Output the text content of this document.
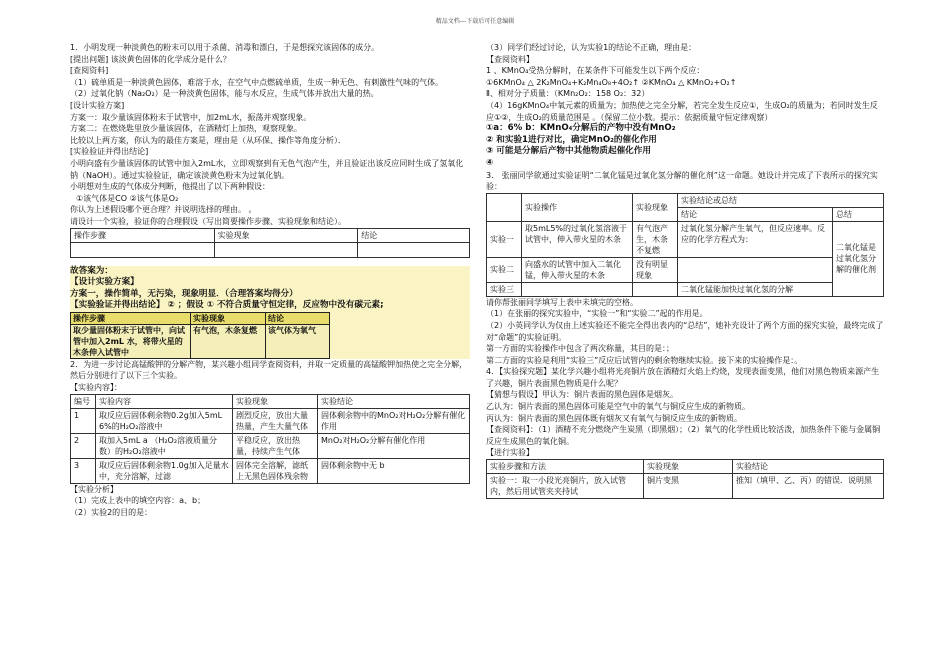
精品文档---下载后可任意编辑

1．小明发现一种淡黄色的粉末可以用于杀菌、消毒和漂白，于是想探究该固体的成分。

[提出问题] 该淡黄色固体的化学成分是什么？

[查阅资料]

（1）硫单质是一种淡黄色固体，难溶于水，在空气中点燃硫单质，生成一种无色、有刺激性气味的气体。

（2）过氧化钠（Na₂O₂）是一种淡黄色固体，能与水反应，生成气体并放出大量的热。

[设计实验方案]

方案一：取少量该固体粉末于试管中，加2mL水，振荡并观察现象。

方案二：在燃烧匙里放少量该固体，在酒精灯上加热，观察现象。

比较以上两方案，你认为的最佳方案是，理由是（从环保、操作等角度分析）．

[实验验证并得出结论]

小明向盛有少量该固体的试管中加入2mL水，立即观察到有无色气泡产生，并且验证出该反应同时生成了氢氧化钠（NaOH）。通过实验验证，确定该淡黄色粉末为过氧化钠。

小明想对生成的气体成分判断，他提出了以下两种假设：

①该气体是CO ②该气体是O₂

你认为上述假设哪个更合理？并说明选择的理由。 。

请设计一个实验，验证你的合理假设（写出简要操作步骤、实验现象和结论）。

操作步骤	实验现象	结论

故答案为：

【设计实验方案】

方案一，操作简单，无污染，现象明显．（合理答案均得分）

【实验验证并得出结论】 ② ；假设 ① 不符合质量守恒定律，反应物中没有碳元素;

操作步骤	实验现象	结论
取少量固体粉末于试管中，向试管中加入2mL 水，将带火星的木条伸入试管中	有气泡，木条复燃	该气体为氧气

2．为进一步讨论高锰酸钾的分解产物，某兴趣小组同学查阅资料，并取一定质量的高锰酸钾加热使之完全分解，然后分别进行了以下三个实验。

【实验内容】：

编号	实验内容	实验现象	实验结论
1	取反应后固体剩余物0.2g加入5mL 6%的H₂O₂溶液中	剧烈反应，放出大量热量，产生大量气体	固体剩余物中的MnO₂对H₂O₂分解有催化作用
2	取加入5mL a （H₂O₂溶液质量分数）的H₂O₂溶液中	平稳反应，放出热量，持续产生气体	MnO₂对H₂O₂分解有催化作用
3	取反应后固体剩余物1.0g加入足量水中，充分溶解，过滤	固体完全溶解，滤纸上无黑色固体残余物	固体剩余物中无 b

【实验分析】

（1）完成上表中的填空内容：a、b；

（2）实验2的目的是：

（3）同学们经过讨论，认为实验1的结论不正确，理由是：

【查阅资料】

1 、KMnO₄受热分解时，在某条件下可能发生以下两个反应：

①6KMnO₄ △ 2K₂MnO₄+K₂Mn₄O₈+4O₂↑ ②KMnO₄ △ KMnO₂+O₂↑

Ⅱ、相对分子质量：（KMn₂O₂：158 O₂：32）

（4）16gKMnO₄中氧元素的质量为；加热使之完全分解，若完全发生反应①，生成O₂的质量为；若同时发生反应①②，生成O₂的质量范围是 。（保留二位小数。提示：依据质量守恒定律观察）

①a：6% b：KMnO₄分解后的产物中没有MnO₂

② 和实验1进行对比，确定MnO₂的催化作用

③ 可能是分解后产物中其他物质起催化作用

④

3． 张丽同学欲通过实验证明“二氧化锰是过氧化氢分解的催化剂”这一命题。她设计并完成了下表所示的探究实验：

	实验操作	实验现象	实验结论或总结	
			结论	总结
实验一	取5mL5%的过氧化氢溶液于试管中，伸入带火星的木条	有气泡产生，木条不复燃	过氧化氢分解产生氧气，但反应速率。反应的化学方程式为：	二氧化锰是过氧化氢分解的催化剂
实验二	向盛水的试管中加入二氧化锰，伸入带火星的木条	没有明显现象		
实验三			二氧化锰能加快过氧化氢的分解	

请你帮张丽同学填写上表中未填完的空格。

（1）在张丽的探究实验中，“实验一”和“实验二”起的作用是。

（2）小英同学认为仅由上述实验还不能完全得出表内的“总结”，她补充设计了两个方面的探究实验，最终完成了对“命题”的实验证明。

第一方面的实验操作中包含了两次称量，其目的是：；

第二方面的实验是利用“实验三”反应后试管内的剩余物继续实验。接下来的实验操作是：。

4．【实验探究题】某化学兴趣小组将光亮铜片放在酒精灯火焰上灼烧，发现表面变黑，他们对黑色物质来源产生了兴趣，铜片表面黑色物质是什么呢？

【猜想与假设】甲认为：铜片表面的黑色固体是烟灰。

乙认为：铜片表面的黑色固体可能是空气中的氧气与铜反应生成的新物质。

丙认为：铜片表面的黑色固体既有烟灰又有氧气与铜反应生成的新物质。

【查阅资料】：（1）酒精不充分燃烧产生炭黑（即黑烟）；（2）氧气的化学性质比较活泼，加热条件下能与金属铜反应生成黑色的氧化铜。

【进行实验】

实验步骤和方法	实验现象	实验结论
实验一：取一小段光亮铜片，放入试管内，然后用试管夹夹持试	铜片变黑	推知（填甲、乙、丙）的错误．说明黑
